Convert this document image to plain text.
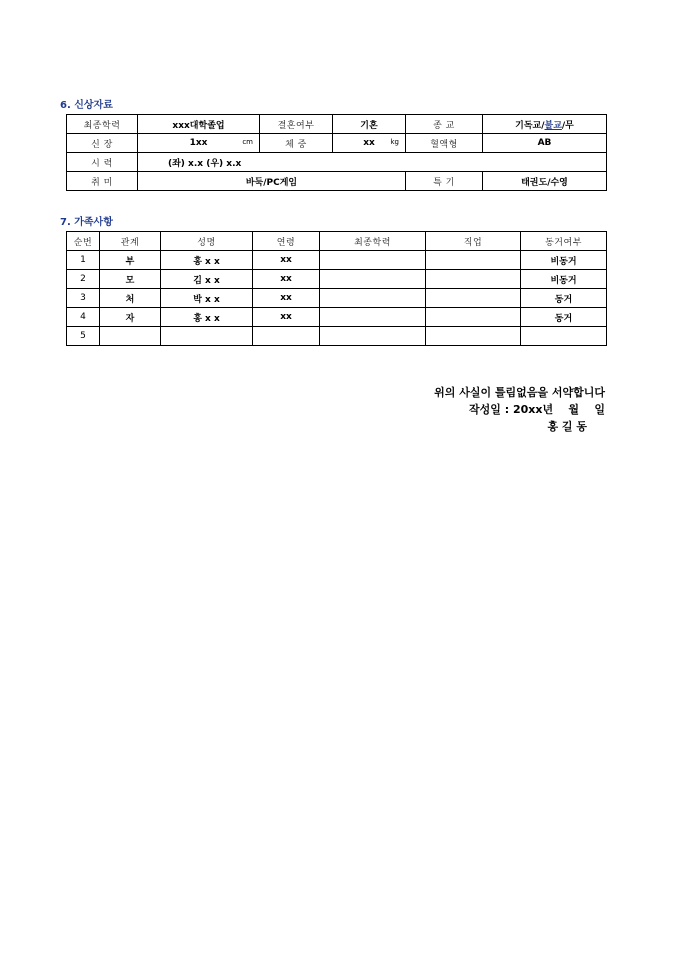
6. 신상자료
최종학력	xxx대학졸업	결혼여부	기혼	종 교	기독교/불교/무
신 장	1xx cm	체 중	xx kg	혈액형	AB
시 력	(좌) x.x (우) x.x				
취 미	바둑/PC게임			특 기	태권도/수영
7. 가족사항
순번	관계	성명	연령	최종학력	직업	동거여부
1	부	홍 x x	xx			비동거
2	모	김 x x	xx			비동거
3	처	박 x x	xx			동거
4	자	홍 x x	xx			동거
5						
위의 사실이 틀림없음을 서약합니다
작성일 : 20xx년    월    일
홍 길 동
